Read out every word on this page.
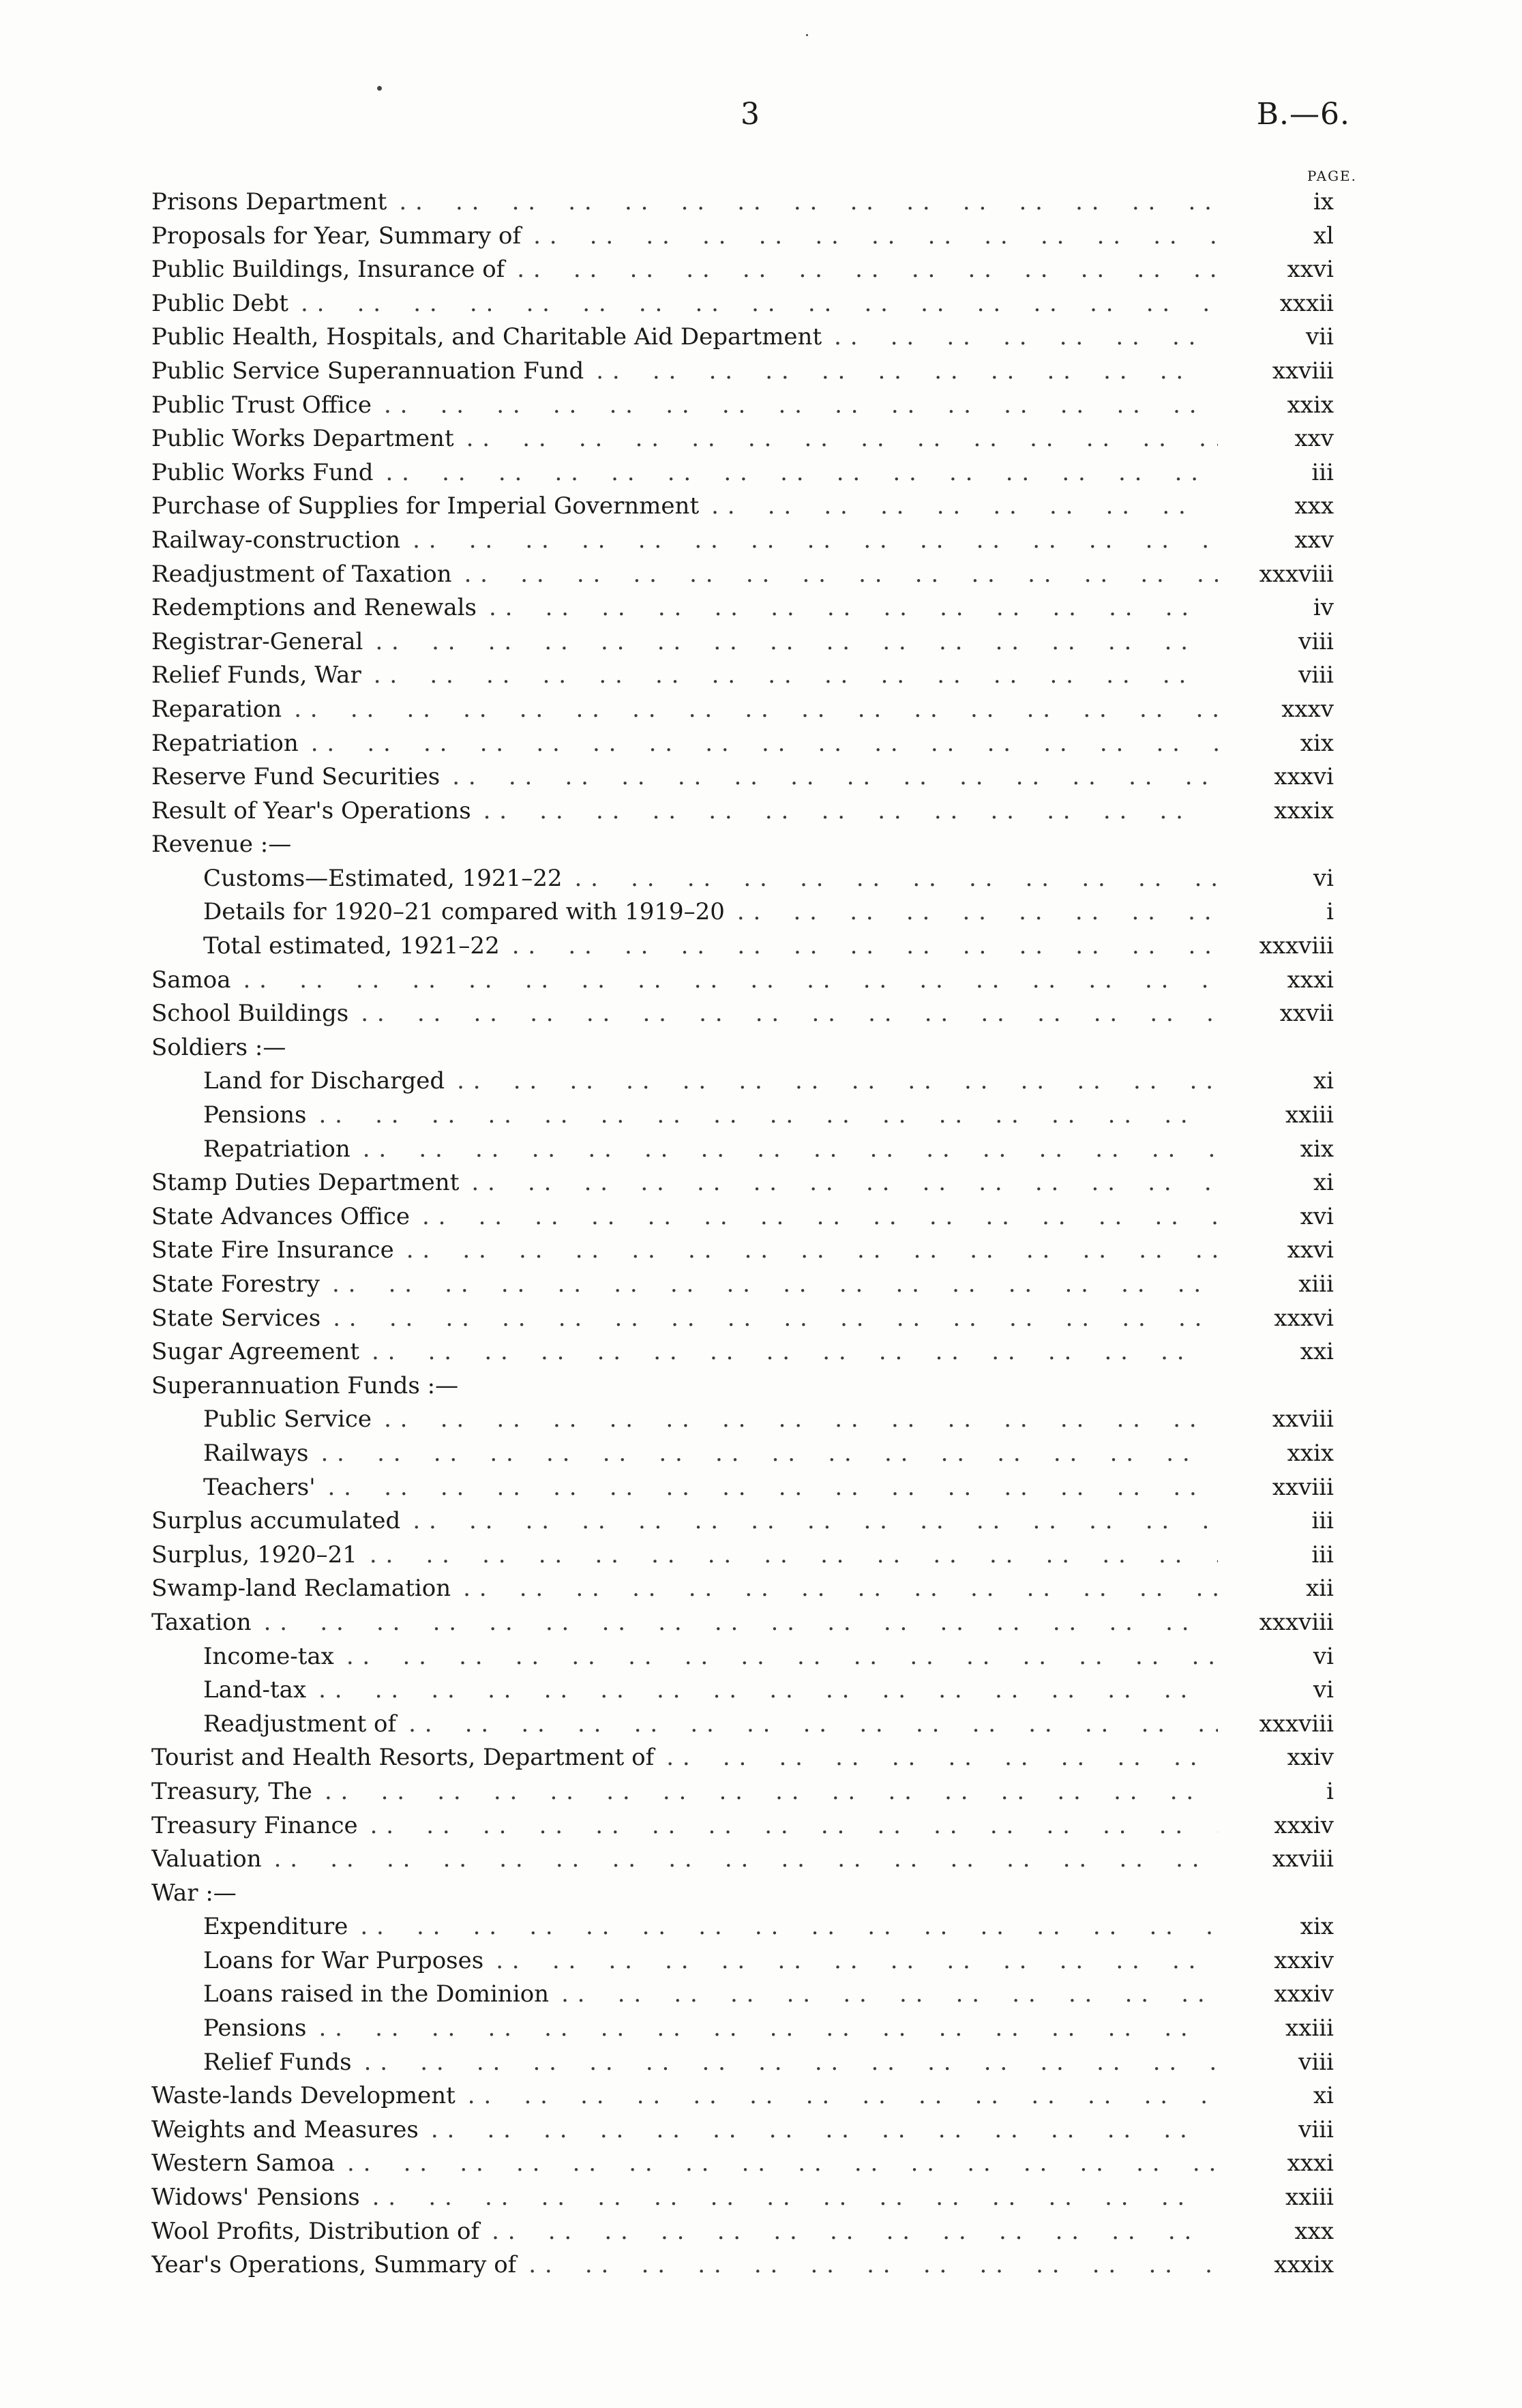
3	B.—6.
PAGE.
Prisons Department . .	ix
Proposals for Year, Summary of . .	xl
Public Buildings, Insurance of . .	xxvi
Public Debt . .	xxxii
Public Health, Hospitals, and Charitable Aid Department . .	vii
Public Service Superannuation Fund . .	xxviii
Public Trust Office . .	xxix
Public Works Department . .	xxv
Public Works Fund . .	iii
Purchase of Supplies for Imperial Government . .	xxx
Railway-construction . .	xxv
Readjustment of Taxation . .	xxxviii
Redemptions and Renewals . .	iv
Registrar-General . .	viii
Relief Funds, War . .	viii
Reparation . .	xxxv
Repatriation . .	xix
Reserve Fund Securities . .	xxxvi
Result of Year's Operations . .	xxxix
Revenue :—
Customs—Estimated, 1921–22 . .	vi
Details for 1920–21 compared with 1919–20 . .	i
Total estimated, 1921–22 . .	xxxviii
Samoa . .	xxxi
School Buildings . .	xxvii
Soldiers :—
Land for Discharged . .	xi
Pensions . .	xxiii
Repatriation . .	xix
Stamp Duties Department . .	xi
State Advances Office . .	xvi
State Fire Insurance . .	xxvi
State Forestry . .	xiii
State Services . .	xxxvi
Sugar Agreement . .	xxi
Superannuation Funds :—
Public Service . .	xxviii
Railways . .	xxix
Teachers' . .	xxviii
Surplus accumulated . .	iii
Surplus, 1920–21 . .	iii
Swamp-land Reclamation . .	xii
Taxation . .	xxxviii
Income-tax . .	vi
Land-tax . .	vi
Readjustment of . .	xxxviii
Tourist and Health Resorts, Department of . .	xxiv
Treasury, The . .	i
Treasury Finance . .	xxxiv
Valuation . .	xxviii
War :—
Expenditure . .	xix
Loans for War Purposes . .	xxxiv
Loans raised in the Dominion . .	xxxiv
Pensions . .	xxiii
Relief Funds . .	viii
Waste-lands Development . .	xi
Weights and Measures . .	viii
Western Samoa . .	xxxi
Widows' Pensions . .	xxiii
Wool Profits, Distribution of . .	xxx
Year's Operations, Summary of . .	xxxix
